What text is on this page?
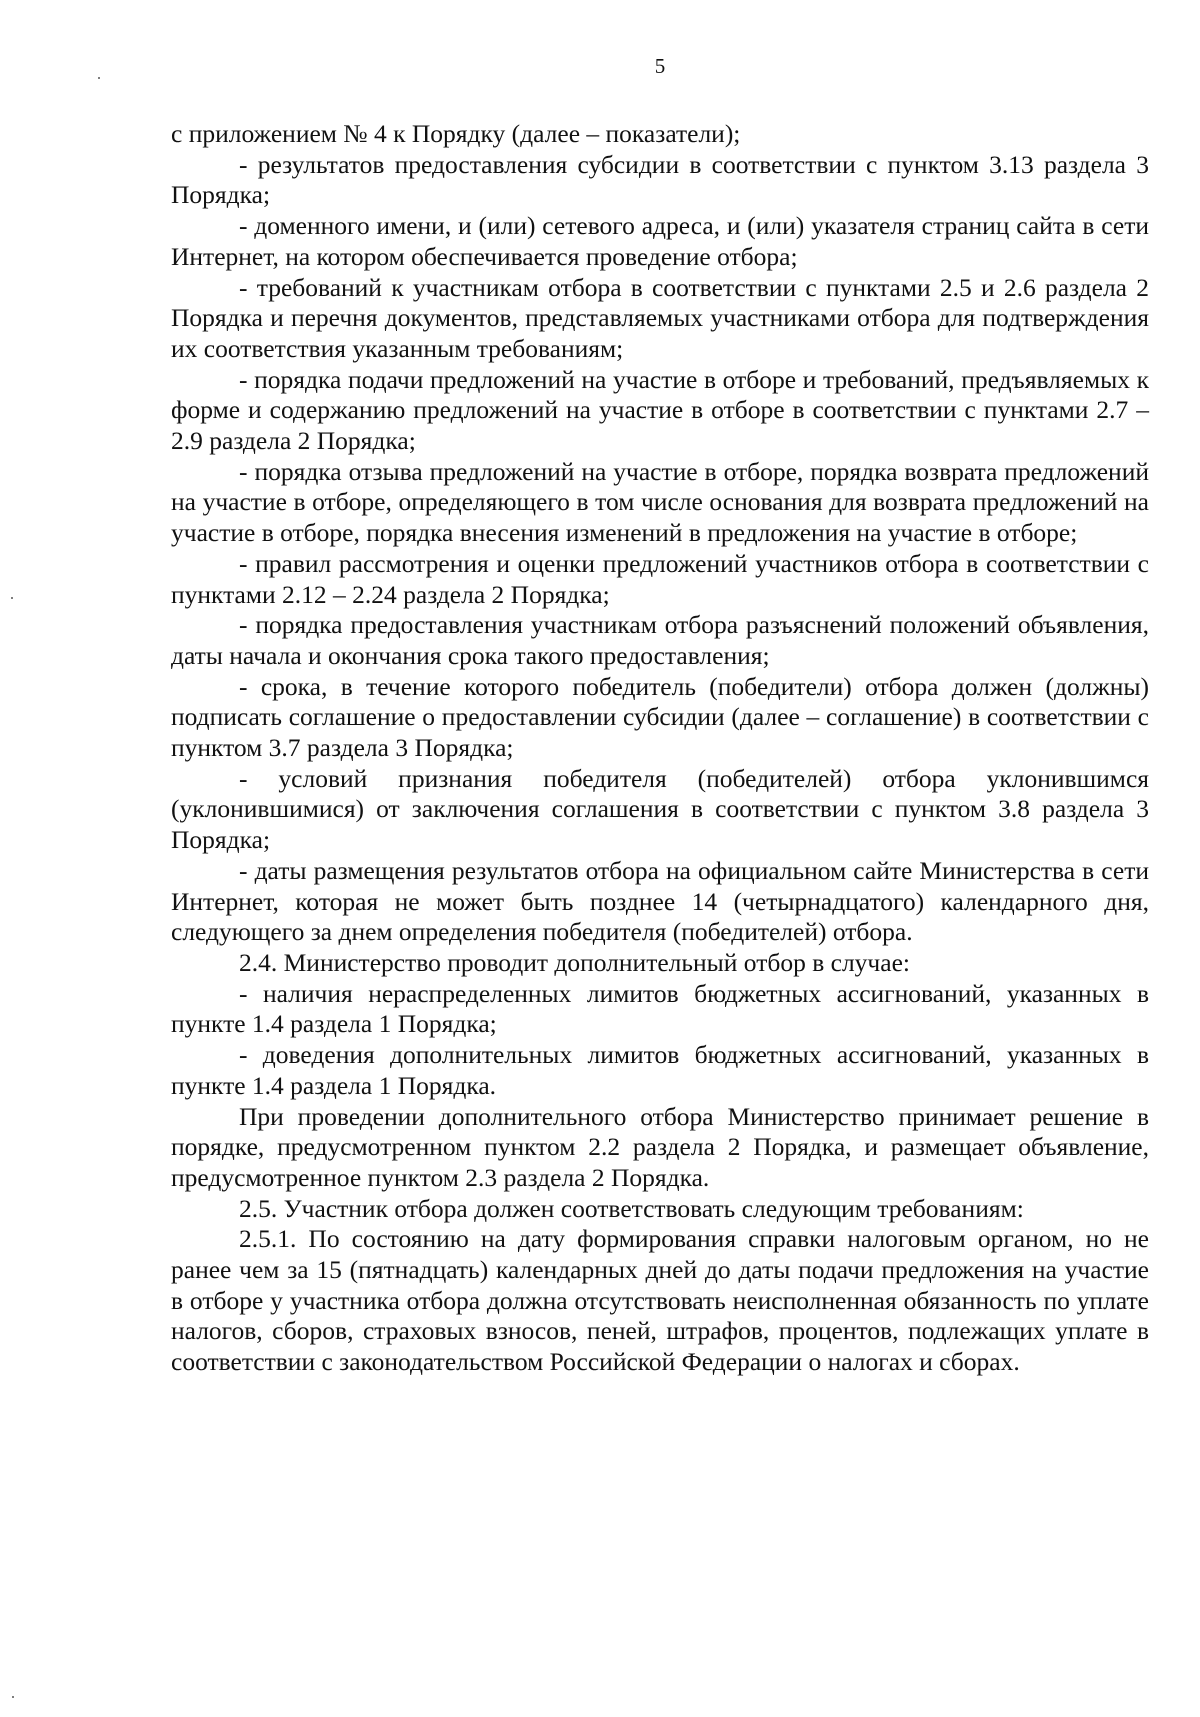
5

с приложением № 4 к Порядку (далее – показатели);

- результатов предоставления субсидии в соответствии с пунктом 3.13 раздела 3 Порядка;

- доменного имени, и (или) сетевого адреса, и (или) указателя страниц сайта в сети Интернет, на котором обеспечивается проведение отбора;

- требований к участникам отбора в соответствии с пунктами 2.5 и 2.6 раздела 2 Порядка и перечня документов, представляемых участниками отбора для подтверждения их соответствия указанным требованиям;

- порядка подачи предложений на участие в отборе и требований, предъявляемых к форме и содержанию предложений на участие в отборе в соответствии с пунктами 2.7 – 2.9 раздела 2 Порядка;

- порядка отзыва предложений на участие в отборе, порядка возврата предложений на участие в отборе, определяющего в том числе основания для возврата предложений на участие в отборе, порядка внесения изменений в предложения на участие в отборе;

- правил рассмотрения и оценки предложений участников отбора в соответствии с пунктами 2.12 – 2.24 раздела 2 Порядка;

- порядка предоставления участникам отбора разъяснений положений объявления, даты начала и окончания срока такого предоставления;

- срока, в течение которого победитель (победители) отбора должен (должны) подписать соглашение о предоставлении субсидии (далее – соглашение) в соответствии с пунктом 3.7 раздела 3 Порядка;

- условий признания победителя (победителей) отбора уклонившимся (уклонившимися) от заключения соглашения в соответствии с пунктом 3.8 раздела 3 Порядка;

- даты размещения результатов отбора на официальном сайте Министерства в сети Интернет, которая не может быть позднее 14 (четырнадцатого) календарного дня, следующего за днем определения победителя (победителей) отбора.

2.4. Министерство проводит дополнительный отбор в случае:

- наличия нераспределенных лимитов бюджетных ассигнований, указанных в пункте 1.4 раздела 1 Порядка;

- доведения дополнительных лимитов бюджетных ассигнований, указанных в пункте 1.4 раздела 1 Порядка.

При проведении дополнительного отбора Министерство принимает решение в порядке, предусмотренном пунктом 2.2 раздела 2 Порядка, и размещает объявление, предусмотренное пунктом 2.3 раздела 2 Порядка.

2.5. Участник отбора должен соответствовать следующим требованиям:

2.5.1. По состоянию на дату формирования справки налоговым органом, но не ранее чем за 15 (пятнадцать) календарных дней до даты подачи предложения на участие в отборе у участника отбора должна отсутствовать неисполненная обязанность по уплате налогов, сборов, страховых взносов, пеней, штрафов, процентов, подлежащих уплате в соответствии с законодательством Российской Федерации о налогах и сборах.
